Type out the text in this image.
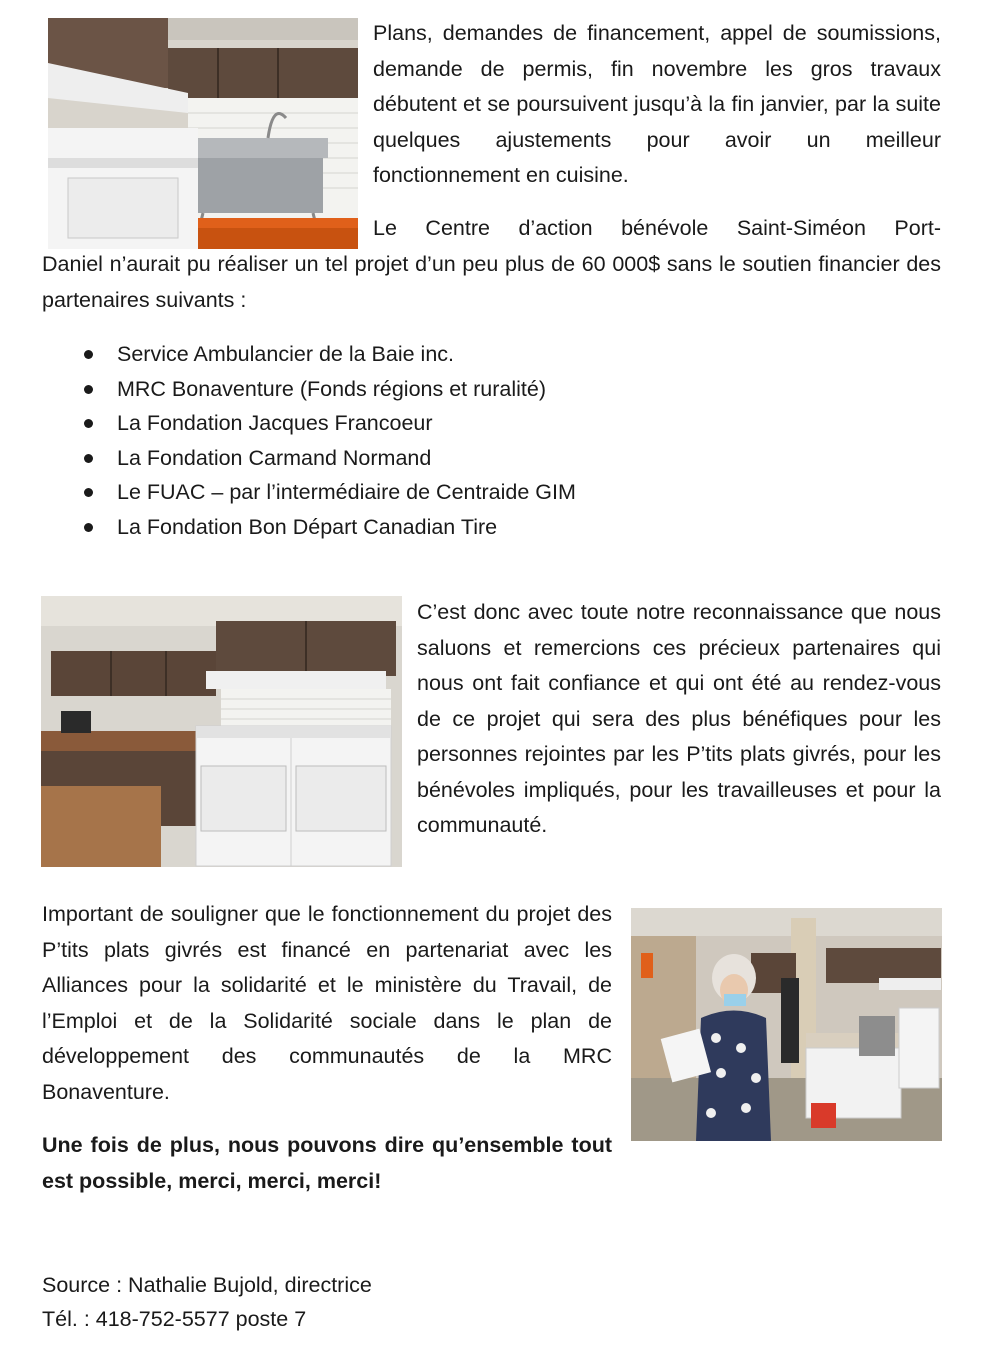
Plans, demandes de financement, appel de soumissions, demande de permis, fin novembre les gros travaux débutent et se poursuivent jusqu’à la fin janvier, par la suite quelques ajustements pour avoir un meilleur fonctionnement en cuisine.

Le Centre d’action bénévole Saint-Siméon Port-

Daniel n’aurait pu réaliser un tel projet d’un peu plus de 60 000$ sans le soutien financier des partenaires suivants :

Service Ambulancier de la Baie inc.
MRC Bonaventure (Fonds régions et ruralité)
La Fondation Jacques Francoeur
La Fondation Carmand Normand
Le FUAC – par l’intermédiaire de Centraide GIM
La Fondation Bon Départ Canadian Tire

C’est donc avec toute notre reconnaissance que nous saluons et remercions ces précieux partenaires qui nous ont fait confiance et qui ont été au rendez-vous de ce projet qui sera des plus bénéfiques pour les personnes rejointes par les P’tits plats givrés, pour les bénévoles impliqués, pour les travailleuses et pour la communauté.

Important de souligner que le fonctionnement du projet des P’tits plats givrés est financé en partenariat avec les Alliances pour la solidarité et le ministère du Travail, de l’Emploi et de la Solidarité sociale dans le plan de développement des communautés de la MRC Bonaventure.

Une fois de plus, nous pouvons dire qu’ensemble tout est possible, merci, merci, merci!

Source : Nathalie Bujold, directrice
Tél. : 418-752-5577 poste 7
